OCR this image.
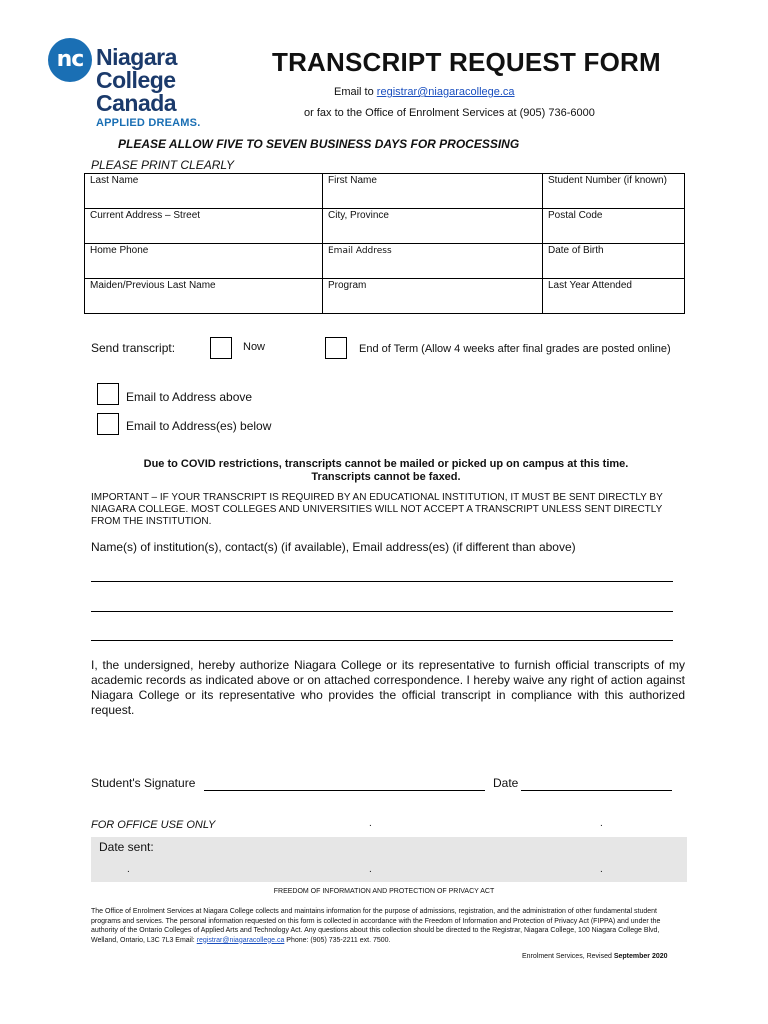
nc Niagara
College
Canada
APPLIED DREAMS.
TRANSCRIPT REQUEST FORM
Email to registrar@niagaracollege.ca
or fax to the Office of Enrolment Services at (905) 736-6000
PLEASE ALLOW FIVE TO SEVEN BUSINESS DAYS FOR PROCESSING
PLEASE PRINT CLEARLY
Last Name	First Name	Student Number (if known)
Current Address – Street	City, Province	Postal Code
Home Phone	Email Address	Date of Birth
Maiden/Previous Last Name	Program	Last Year Attended
Send transcript:	Now	End of Term (Allow 4 weeks after final grades are posted online)
Email to Address above
Email to Address(es) below
Due to COVID restrictions, transcripts cannot be mailed or picked up on campus at this time.
Transcripts cannot be faxed.
IMPORTANT – IF YOUR TRANSCRIPT IS REQUIRED BY AN EDUCATIONAL INSTITUTION, IT MUST BE SENT DIRECTLY BY NIAGARA COLLEGE. MOST COLLEGES AND UNIVERSITIES WILL NOT ACCEPT A TRANSCRIPT UNLESS SENT DIRECTLY FROM THE INSTITUTION.
Name(s) of institution(s), contact(s) (if available), Email address(es) (if different than above)
I, the undersigned, hereby authorize Niagara College or its representative to furnish official transcripts of my academic records as indicated above or on attached correspondence. I hereby waive any right of action against Niagara College or its representative who provides the official transcript in compliance with this authorized request.
Student's Signature	Date
FOR OFFICE USE ONLY	.	.
Date sent:
.	.	.
FREEDOM OF INFORMATION AND PROTECTION OF PRIVACY ACT
The Office of Enrolment Services at Niagara College collects and maintains information for the purpose of admissions, registration, and the administration of other fundamental student programs and services. The personal information requested on this form is collected in accordance with the Freedom of Information and Protection of Privacy Act (FIPPA) and under the authority of the Ontario Colleges of Applied Arts and Technology Act. Any questions about this collection should be directed to the Registrar, Niagara College, 100 Niagara College Blvd, Welland, Ontario, L3C 7L3 Email: registrar@niagaracollege.ca Phone: (905) 735-2211 ext. 7500.
Enrolment Services, Revised September 2020
